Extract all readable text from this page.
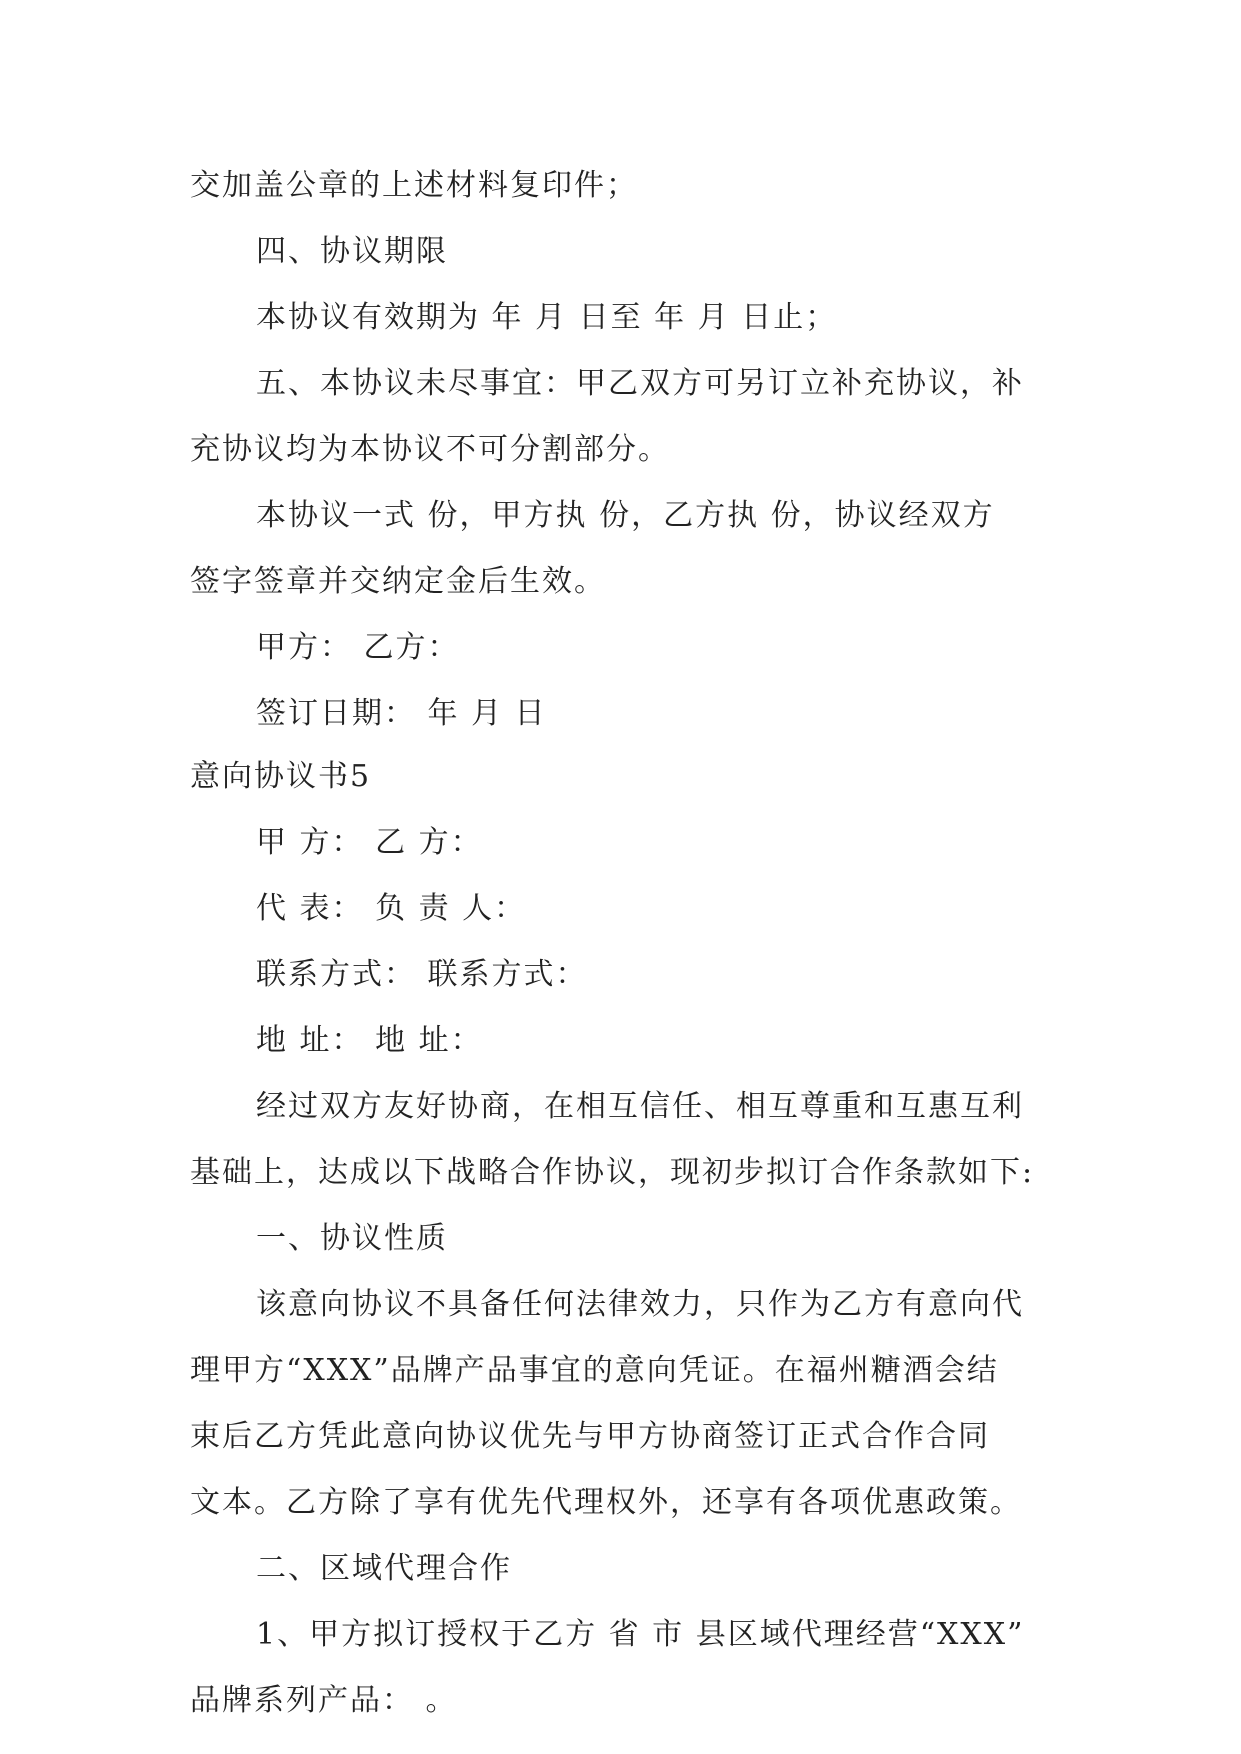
交加盖公章的上述材料复印件；
四、协议期限
本协议有效期为 年 月 日至 年 月 日止；
五、本协议未尽事宜：甲乙双方可另订立补充协议，补
充协议均为本协议不可分割部分。
本协议一式 份，甲方执 份，乙方执 份，协议经双方
签字签章并交纳定金后生效。
甲方： 乙方：
签订日期： 年 月 日
意向协议书5
甲 方： 乙 方：
代 表： 负 责 人：
联系方式： 联系方式：
地 址： 地 址：
经过双方友好协商，在相互信任、相互尊重和互惠互利
基础上，达成以下战略合作协议，现初步拟订合作条款如下:
一、协议性质
该意向协议不具备任何法律效力，只作为乙方有意向代
理甲方“XXX”品牌产品事宜的意向凭证。在福州糖酒会结
束后乙方凭此意向协议优先与甲方协商签订正式合作合同
文本。乙方除了享有优先代理权外，还享有各项优惠政策。
二、区域代理合作
1、甲方拟订授权于乙方 省 市 县区域代理经营“XXX”
品牌系列产品： 。
